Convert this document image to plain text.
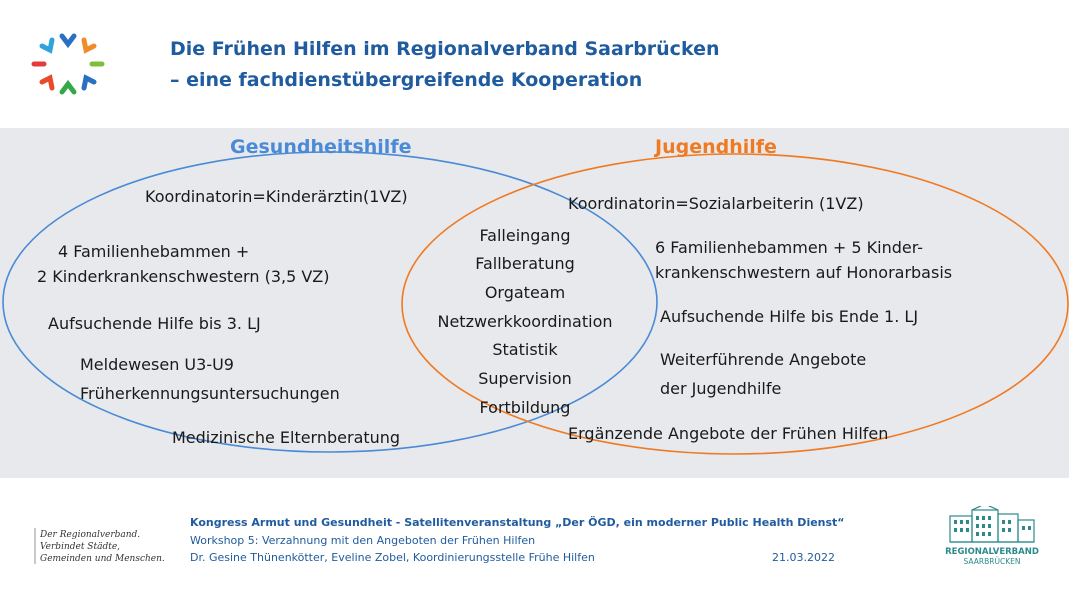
Die Frühen Hilfen im Regionalverband Saarbrücken
– eine fachdienstübergreifende Kooperation
Gesundheitshilfe	Jugendhilfe
Koordinatorin=Kinderärztin(1VZ)
4 Familienhebammen +
2 Kinderkrankenschwestern (3,5 VZ)
Aufsuchende Hilfe bis 3. LJ
Meldewesen U3-U9
Früherkennungsuntersuchungen
Medizinische Elternberatung
Falleingang
Fallberatung
Orgateam
Netzwerkkoordination
Statistik
Supervision
Fortbildung
Koordinatorin=Sozialarbeiterin (1VZ)
6 Familienhebammen + 5 Kinder-
krankenschwestern auf Honorarbasis
Aufsuchende Hilfe bis Ende 1. LJ
Weiterführende Angebote
der Jugendhilfe
Ergänzende Angebote der Frühen Hilfen
Der Regionalverband.
Verbindet Städte,
Gemeinden und Menschen.
Kongress Armut und Gesundheit - Satellitenveranstaltung „Der ÖGD, ein moderner Public Health Dienst“
Workshop 5: Verzahnung mit den Angeboten der Frühen Hilfen
Dr. Gesine Thünenkötter, Eveline Zobel, Koordinierungsstelle Frühe Hilfen	21.03.2022	REGIONALVERBAND
SAARBRÜCKEN
